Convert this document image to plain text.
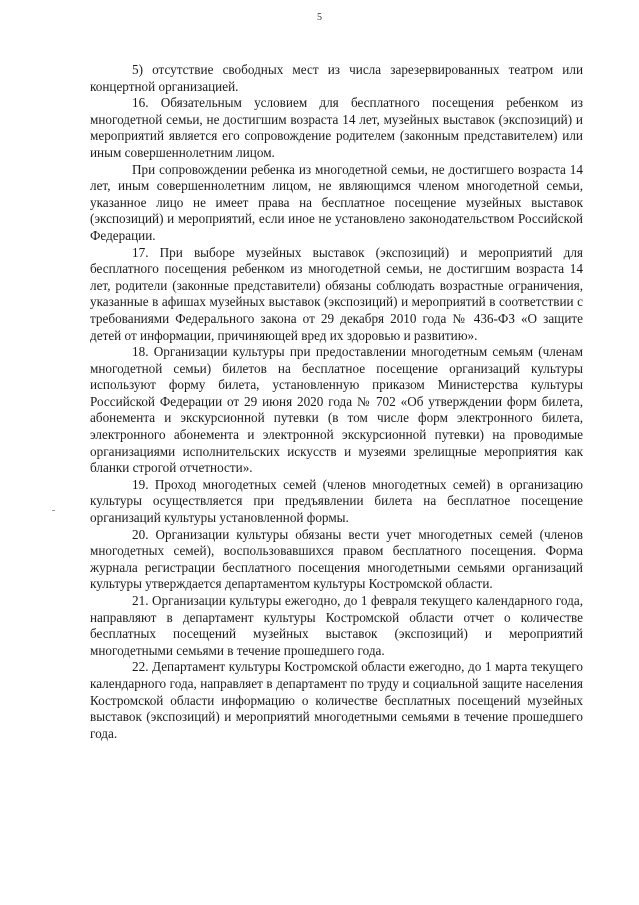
5

5) отсутствие свободных мест из числа зарезервированных театром или концертной организацией.

16. Обязательным условием для бесплатного посещения ребенком из многодетной семьи, не достигшим возраста 14 лет, музейных выставок (экспозиций) и мероприятий является его сопровождение родителем (законным представителем) или иным совершеннолетним лицом.

При сопровождении ребенка из многодетной семьи, не достигшего возраста 14 лет, иным совершеннолетним лицом, не являющимся членом многодетной семьи, указанное лицо не имеет права на бесплатное посещение музейных выставок (экспозиций) и мероприятий, если иное не установлено законодательством Российской Федерации.

17. При выборе музейных выставок (экспозиций) и мероприятий для бесплатного посещения ребенком из многодетной семьи, не достигшим возраста 14 лет, родители (законные представители) обязаны соблюдать возрастные ограничения, указанные в афишах музейных выставок (экспозиций) и мероприятий в соответствии с требованиями Федерального закона от 29 декабря 2010 года № 436-ФЗ «О защите детей от информации, причиняющей вред их здоровью и развитию».

18. Организации культуры при предоставлении многодетным семьям (членам многодетной семьи) билетов на бесплатное посещение организаций культуры используют форму билета, установленную приказом Министерства культуры Российской Федерации от 29 июня 2020 года № 702 «Об утверждении форм билета, абонемента и экскурсионной путевки (в том числе форм электронного билета, электронного абонемента и электронной экскурсионной путевки) на проводимые организациями исполнительских искусств и музеями зрелищные мероприятия как бланки строгой отчетности».

19. Проход многодетных семей (членов многодетных семей) в организацию культуры осуществляется при предъявлении билета на бесплатное посещение организаций культуры установленной формы.

20. Организации культуры обязаны вести учет многодетных семей (членов многодетных семей), воспользовавшихся правом бесплатного посещения. Форма журнала регистрации бесплатного посещения многодетными семьями организаций культуры утверждается департаментом культуры Костромской области.

21. Организации культуры ежегодно, до 1 февраля текущего календарного года, направляют в департамент культуры Костромской области отчет о количестве бесплатных посещений музейных выставок (экспозиций) и мероприятий многодетными семьями в течение прошедшего года.

22. Департамент культуры Костромской области ежегодно, до 1 марта текущего календарного года, направляет в департамент по труду и социальной защите населения Костромской области информацию о количестве бесплатных посещений музейных выставок (экспозиций) и мероприятий многодетными семьями в течение прошедшего года.
